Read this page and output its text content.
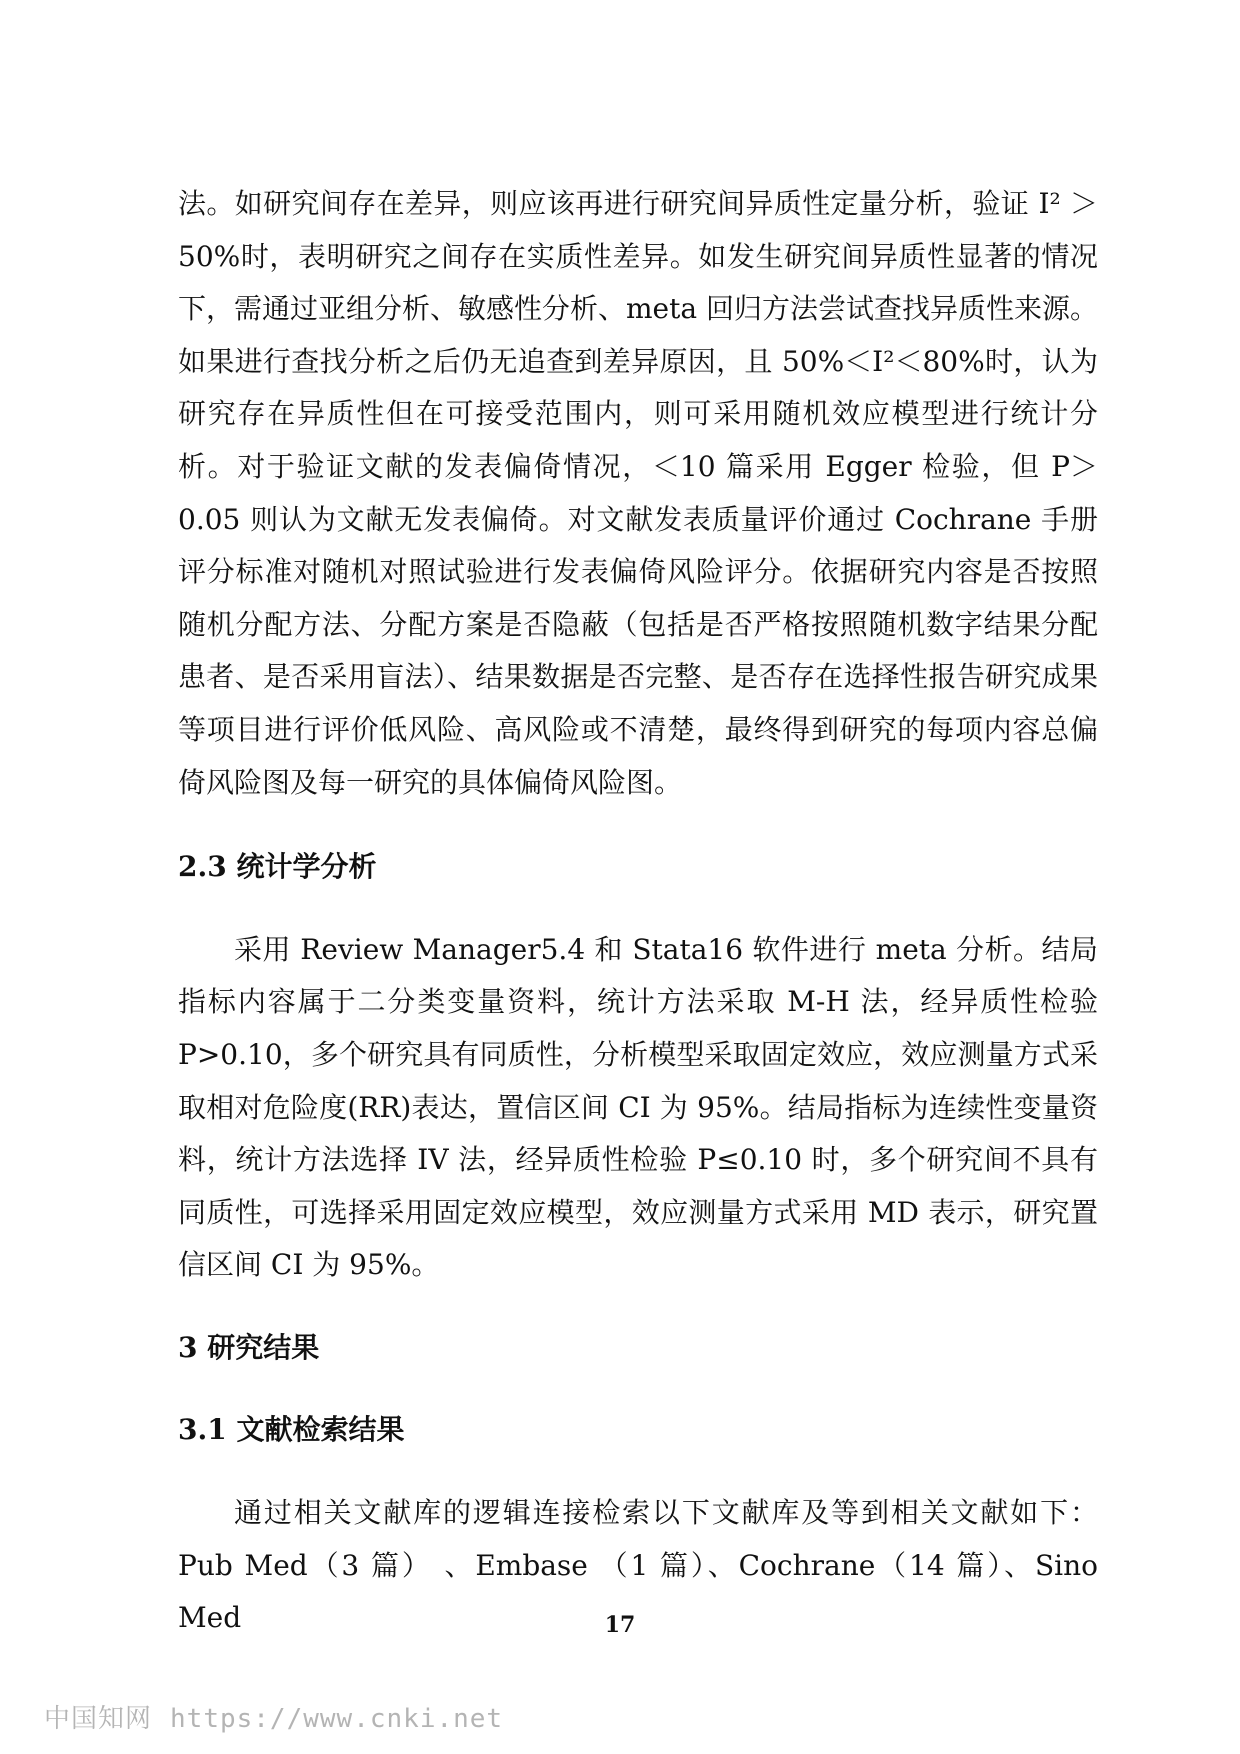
法。如研究间存在差异，则应该再进行研究间异质性定量分析，验证 I² ＞50%时，表明研究之间存在实质性差异。如发生研究间异质性显著的情况下，需通过亚组分析、敏感性分析、meta 回归方法尝试查找异质性来源。如果进行查找分析之后仍无追查到差异原因，且 50%＜I²＜80%时，认为研究存在异质性但在可接受范围内，则可采用随机效应模型进行统计分析。对于验证文献的发表偏倚情况，＜10 篇采用 Egger 检验，但 P＞0.05 则认为文献无发表偏倚。对文献发表质量评价通过 Cochrane 手册评分标准对随机对照试验进行发表偏倚风险评分。依据研究内容是否按照随机分配方法、分配方案是否隐蔽（包括是否严格按照随机数字结果分配患者、是否采用盲法）、结果数据是否完整、是否存在选择性报告研究成果等项目进行评价低风险、高风险或不清楚，最终得到研究的每项内容总偏倚风险图及每一研究的具体偏倚风险图。

2.3 统计学分析

采用 Review Manager5.4 和 Stata16 软件进行 meta 分析。结局指标内容属于二分类变量资料，统计方法采取 M-H 法，经异质性检验 P>0.10，多个研究具有同质性，分析模型采取固定效应，效应测量方式采取相对危险度(RR)表达，置信区间 CI 为 95%。结局指标为连续性变量资料，统计方法选择 IV 法，经异质性检验 P≤0.10 时，多个研究间不具有同质性，可选择采用固定效应模型，效应测量方式采用 MD 表示，研究置信区间 CI 为 95%。

3 研究结果

3.1 文献检索结果

通过相关文献库的逻辑连接检索以下文献库及等到相关文献如下：Pub Med（3 篇） 、Embase （1 篇）、Cochrane（14 篇）、Sino Med	17
中国知网 https://www.cnki.net
